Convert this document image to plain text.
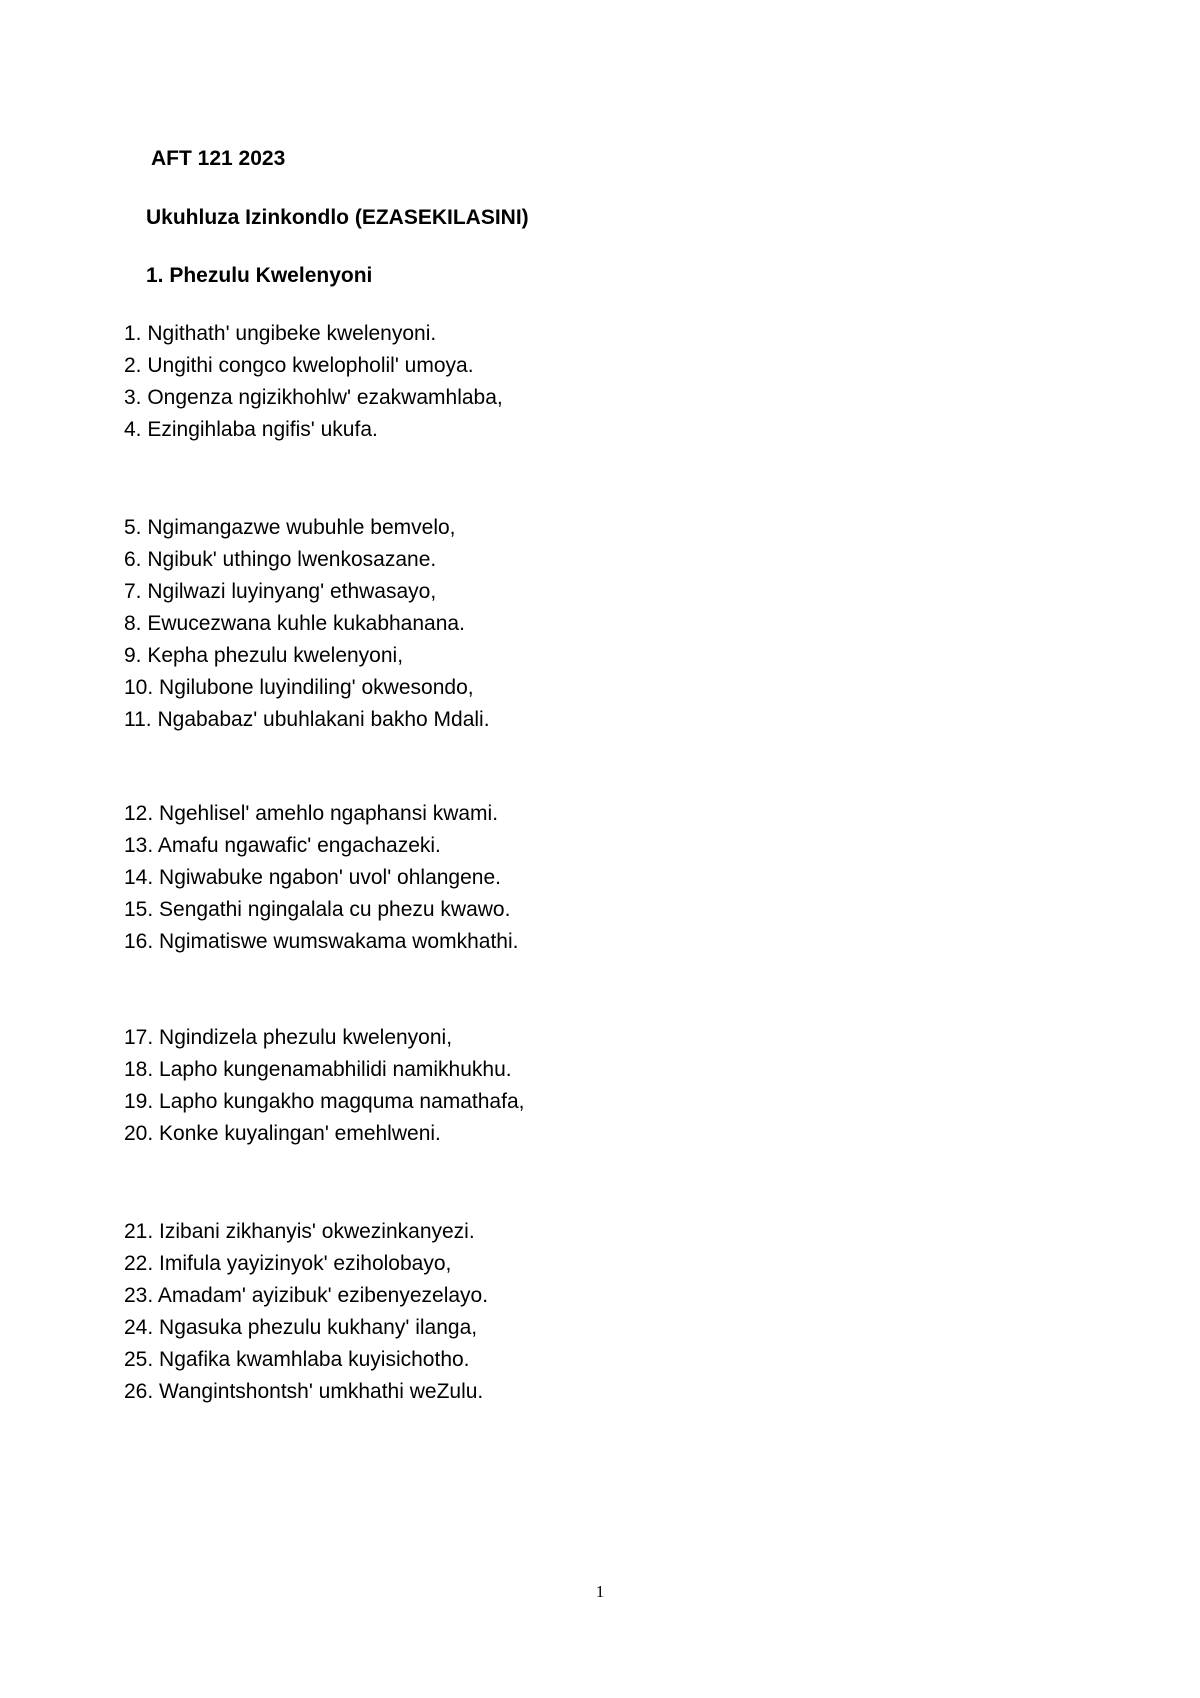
AFT 121 2023
Ukuhluza Izinkondlo (EZASEKILASINI)
1. Phezulu Kwelenyoni
1. Ngithath' ungibeke kwelenyoni.
2. Ungithi congco kwelopholil' umoya.
3. Ongenza ngizikhohlw' ezakwamhlaba,
4. Ezingihlaba ngifis' ukufa.
5. Ngimangazwe wubuhle bemvelo,
6. Ngibuk' uthingo lwenkosazane.
7. Ngilwazi luyinyang' ethwasayo,
8. Ewucezwana kuhle kukabhanana.
9. Kepha phezulu kwelenyoni,
10. Ngilubone luyindiling' okwesondo,
11. Ngababaz' ubuhlakani bakho Mdali.
12. Ngehlisel' amehlo ngaphansi kwami.
13. Amafu ngawafic' engachazeki.
14. Ngiwabuke ngabon' uvol' ohlangene.
15. Sengathi ngingalala cu phezu kwawo.
16. Ngimatiswe wumswakama womkhathi.
17. Ngindizela phezulu kwelenyoni,
18. Lapho kungenamabhilidi namikhukhu.
19. Lapho kungakho magquma namathafa,
20. Konke kuyalingan' emehlweni.
21. Izibani zikhanyis' okwezinkanyezi.
22. Imifula yayizinyok' eziholobayo,
23. Amadam' ayizibuk' ezibenyezelayo.
24. Ngasuka phezulu kukhany' ilanga,
25. Ngafika kwamhlaba kuyisichotho.
26. Wangintshontsh' umkhathi weZulu.
1
